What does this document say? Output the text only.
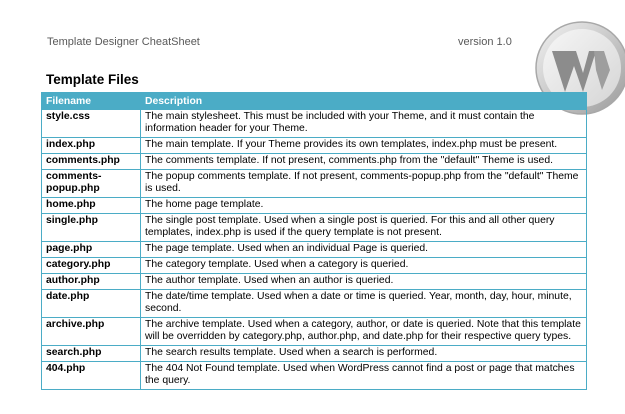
Template Designer CheatSheet	version 1.0
Template Files
Filename	Description
style.css	The main stylesheet. This must be included with your Theme, and it must contain the information header for your Theme.
index.php	The main template. If your Theme provides its own templates, index.php must be present.
comments.php	The comments template. If not present, comments.php from the "default" Theme is used.
comments-popup.php	The popup comments template. If not present, comments-popup.php from the "default" Theme is used.
home.php	The home page template.
single.php	The single post template. Used when a single post is queried. For this and all other query templates, index.php is used if the query template is not present.
page.php	The page template. Used when an individual Page is queried.
category.php	The category template. Used when a category is queried.
author.php	The author template. Used when an author is queried.
date.php	The date/time template. Used when a date or time is queried. Year, month, day, hour, minute, second.
archive.php	The archive template. Used when a category, author, or date is queried. Note that this template will be overridden by category.php, author.php, and date.php for their respective query types.
search.php	The search results template. Used when a search is performed.
404.php	The 404 Not Found template. Used when WordPress cannot find a post or page that matches the query.
